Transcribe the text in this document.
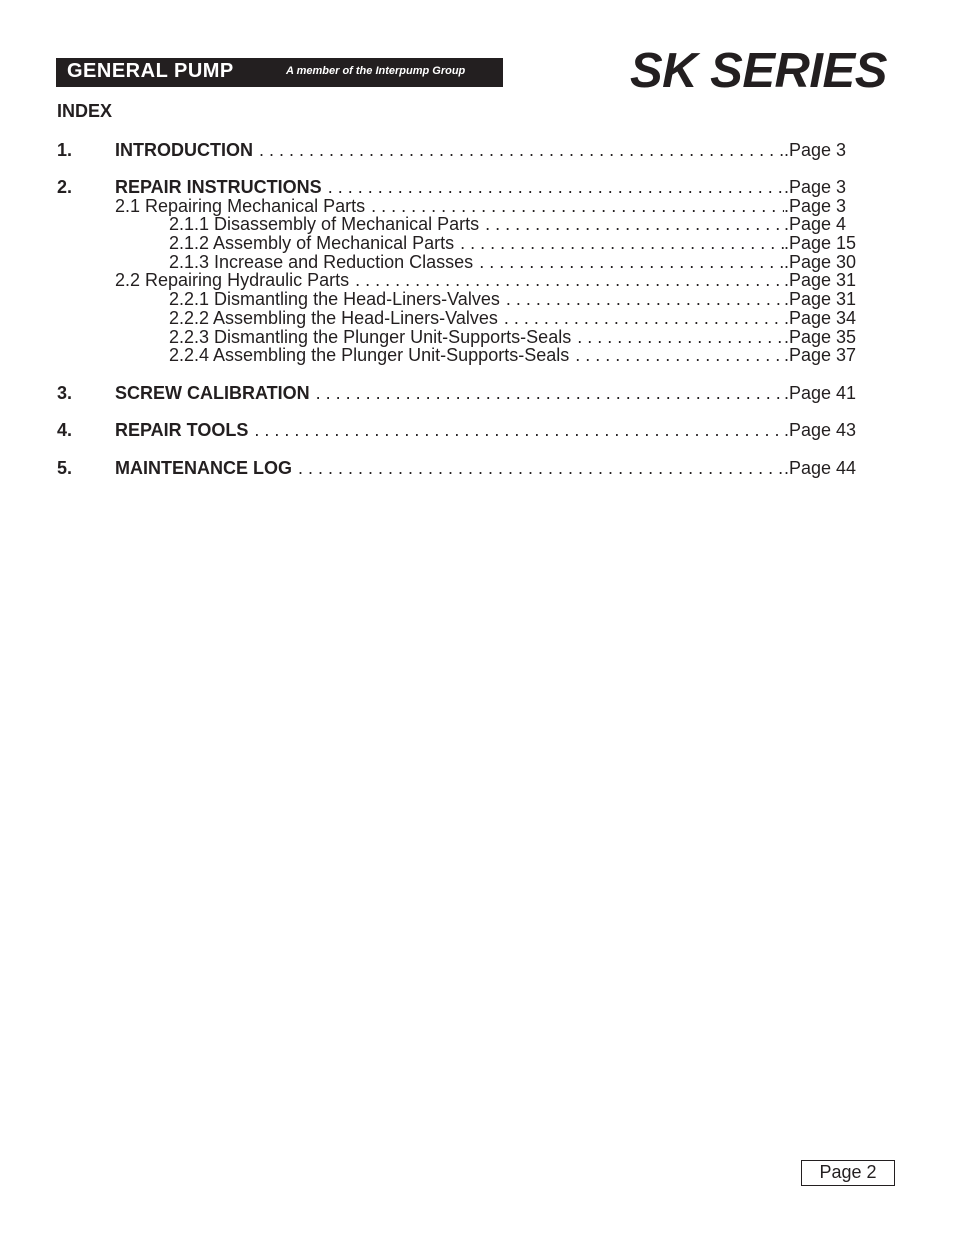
GENERAL PUMP	A member of the Interpump Group	SK SERIES
INDEX
1. INTRODUCTION . . .	.Page 3
2. REPAIR INSTRUCTIONS . . .	.Page 3
2.1 Repairing Mechanical Parts . . .	.Page 3
2.1.1 Disassembly of Mechanical Parts . . .	.Page 4
2.1.2 Assembly of Mechanical Parts . . .	.Page 15
2.1.3 Increase and Reduction Classes . . .	.Page 30
2.2 Repairing Hydraulic Parts . . .	.Page 31
2.2.1 Dismantling the Head-Liners-Valves . . .	.Page 31
2.2.2 Assembling the Head-Liners-Valves . . .	.Page 34
2.2.3 Dismantling the Plunger Unit-Supports-Seals . . .	.Page 35
2.2.4 Assembling the Plunger Unit-Supports-Seals . . .	.Page 37
3. SCREW CALIBRATION . . .	.Page 41
4. REPAIR TOOLS . . .	.Page 43
5. MAINTENANCE LOG . . .	.Page 44
Page 2
